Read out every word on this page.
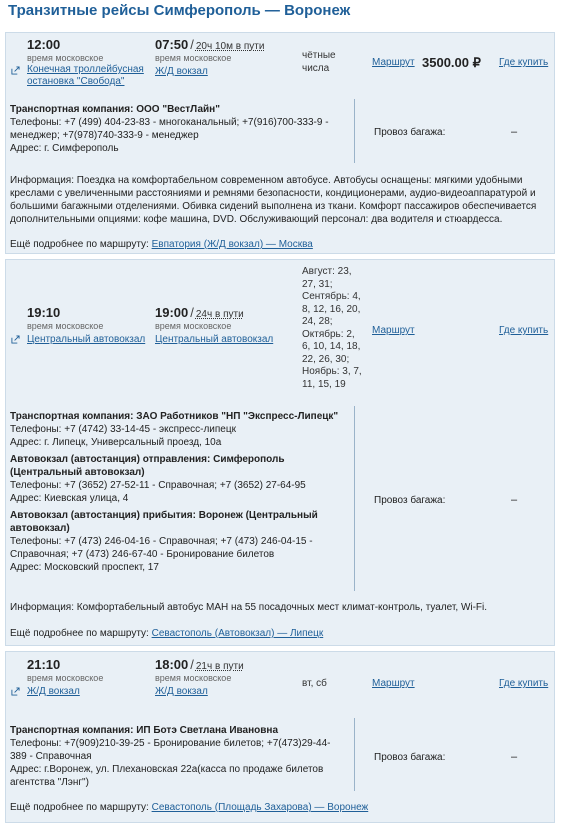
Транзитные рейсы Симферополь — Воронеж
12:00
время московское
Конечная троллейбусная остановка "Свобода"
07:50 / 20ч 10м в пути
время московское
Ж/Д вокзал
чётные числа	Маршрут 3500.00 ₽ Где купить
Транспортная компания: ООО "ВестЛайн"
Телефоны: +7 (499) 404-23-83 - многоканальный; +7(916)700-333-9 - менеджер; +7(978)740-333-9 - менеджер
Адрес: г. Симферополь
Провоз багажа:	–
Информация: Поездка на комфортабельном современном автобусе. Автобусы оснащены: мягкими удобными креслами с увеличенными расстояниями и ремнями безопасности, кондиционерами, аудио-видеоаппаратурой и большими багажными отделениями. Обивка сидений выполнена из ткани. Комфорт пассажиров обеспечивается дополнительными опциями: кофе машина, DVD. Обслуживающий персонал: два водителя и стюардесса.
Ещё подробнее по маршруту: Евпатория (Ж/Д вокзал) — Москва
19:10
время московское
Центральный автовокзал
19:00 / 24ч в пути
время московское
Центральный автовокзал
Август: 23, 27, 31; Сентябрь: 4, 8, 12, 16, 20, 24, 28; Октябрь: 2, 6, 10, 14, 18, 22, 26, 30; Ноябрь: 3, 7, 11, 15, 19
Маршрут	Где купить
Транспортная компания: ЗАО Работников "НП "Экспресс-Липецк"
Телефоны: +7 (4742) 33-14-45 - экспресс-липецк
Адрес: г. Липецк, Универсальный проезд, 10а
Автовокзал (автостанция) отправления: Симферополь (Центральный автовокзал)
Телефоны: +7 (3652) 27-52-11 - Справочная; +7 (3652) 27-64-95
Адрес: Киевская улица, 4
Автовокзал (автостанция) прибытия: Воронеж (Центральный автовокзал)
Телефоны: +7 (473) 246-04-16 - Справочная; +7 (473) 246-04-15 - Справочная; +7 (473) 246-67-40 - Бронирование билетов
Адрес: Московский проспект, 17
Провоз багажа:	–
Информация: Комфортабельный автобус МАН на 55 посадочных мест климат-контроль, туалет, Wi-Fi.
Ещё подробнее по маршруту: Севастополь (Автовокзал) — Липецк
21:10
время московское
Ж/Д вокзал
18:00 / 21ч в пути
время московское
Ж/Д вокзал
вт, сб	Маршрут	Где купить
Транспортная компания: ИП Ботэ Светлана Ивановна
Телефоны: +7(909)210-39-25 - Бронирование билетов; +7(473)29-44-389 - Справочная
Адрес: г.Воронеж, ул. Плехановская 22а(касса по продаже билетов агентства "Лэнг")
Провоз багажа:	–
Ещё подробнее по маршруту: Севастополь (Площадь Захарова) — Воронеж
